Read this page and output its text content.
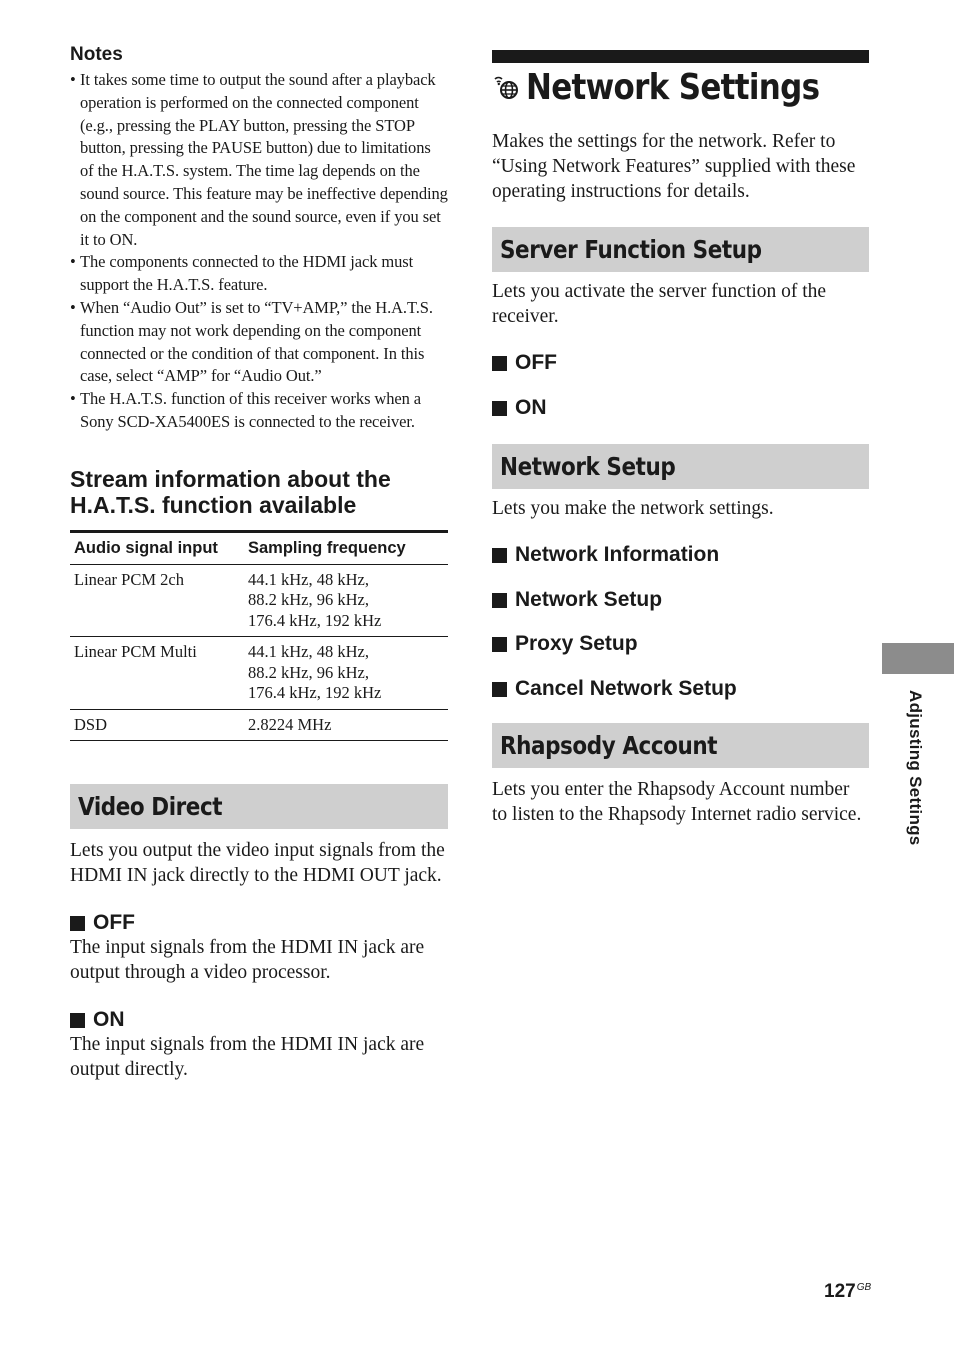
Notes

• It takes some time to output the sound after a playback operation is performed on the connected component (e.g., pressing the PLAY button, pressing the STOP button, pressing the PAUSE button) due to limitations of the H.A.T.S. system. The time lag depends on the sound source. This feature may be ineffective depending on the component and the sound source, even if you set it to ON.
• The components connected to the HDMI jack must support the H.A.T.S. feature.
• When “Audio Out” is set to “TV+AMP,” the H.A.T.S. function may not work depending on the component connected or the condition of that component. In this case, select “AMP” for “Audio Out.”
• The H.A.T.S. function of this receiver works when a Sony SCD-XA5400ES is connected to the receiver.
Stream information about the H.A.T.S. function available
Audio signal input	Sampling frequency
Linear PCM 2ch	44.1 kHz, 48 kHz,
88.2 kHz, 96 kHz,
176.4 kHz, 192 kHz

Linear PCM Multi	44.1 kHz, 48 kHz,
88.2 kHz, 96 kHz,
176.4 kHz, 192 kHz

DSD	2.8224 MHz
Video Direct

Lets you output the video input signals from the HDMI IN jack directly to the HDMI OUT jack.

OFF

The input signals from the HDMI IN jack are output through a video processor.

ON

The input signals from the HDMI IN jack are output directly.

Network Settings

Makes the settings for the network. Refer to “Using Network Features” supplied with these operating instructions for details.

Server Function Setup

Lets you activate the server function of the receiver.

OFF

ON

Network Setup

Lets you make the network settings.

Network Information

Network Setup

Proxy Setup

Cancel Network Setup

Rhapsody Account

Lets you enter the Rhapsody Account number to listen to the Rhapsody Internet radio service.	Adjusting Settings
$127^{GB}$
